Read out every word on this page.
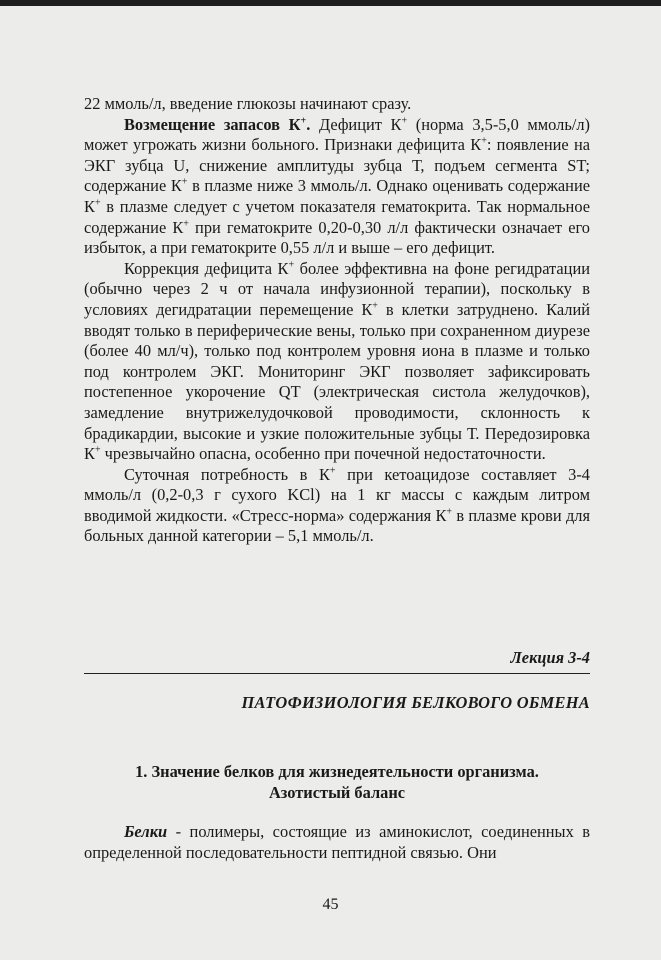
22 ммоль/л, введение глюкозы начинают сразу.

Возмещение запасов К+. Дефицит К+ (норма 3,5-5,0 ммоль/л) может угрожать жизни больного. Признаки дефицита К+: появление на ЭКГ зубца U, снижение амплитуды зубца Т, подъем сегмента ST; содержание К+ в плазме ниже 3 ммоль/л. Однако оценивать содержание К+ в плазме следует с учетом показателя гематокрита. Так нормальное содержание К+ при гематокрите 0,20-0,30 л/л фактически означает его избыток, а при гематокрите 0,55 л/л и выше – его дефицит.

Коррекция дефицита К+ более эффективна на фоне регидратации (обычно через 2 ч от начала инфузионной терапии), поскольку в условиях дегидратации перемещение К+ в клетки затруднено. Калий вводят только в периферические вены, только при сохраненном диурезе (более 40 мл/ч), только под контролем уровня иона в плазме и только под контролем ЭКГ. Мониторинг ЭКГ позволяет зафиксировать постепенное укорочение QT (электрическая систола желудочков), замедление внутрижелудочковой проводимости, склонность к брадикардии, высокие и узкие положительные зубцы Т. Передозировка К+ чрезвычайно опасна, особенно при почечной недостаточности.

Суточная потребность в К+ при кетоацидозе составляет 3-4 ммоль/л (0,2-0,3 г сухого KCl) на 1 кг массы с каждым литром вводимой жидкости. «Стресс-норма» содержания К+ в плазме крови для больных данной категории – 5,1 ммоль/л.

Лекция 3-4
ПАТОФИЗИОЛОГИЯ БЕЛКОВОГО ОБМЕНА
1. Значение белков для жизнедеятельности организма.
Азотистый баланс

Белки - полимеры, состоящие из аминокислот, соединенных в определенной последовательности пептидной связью. Они

45
